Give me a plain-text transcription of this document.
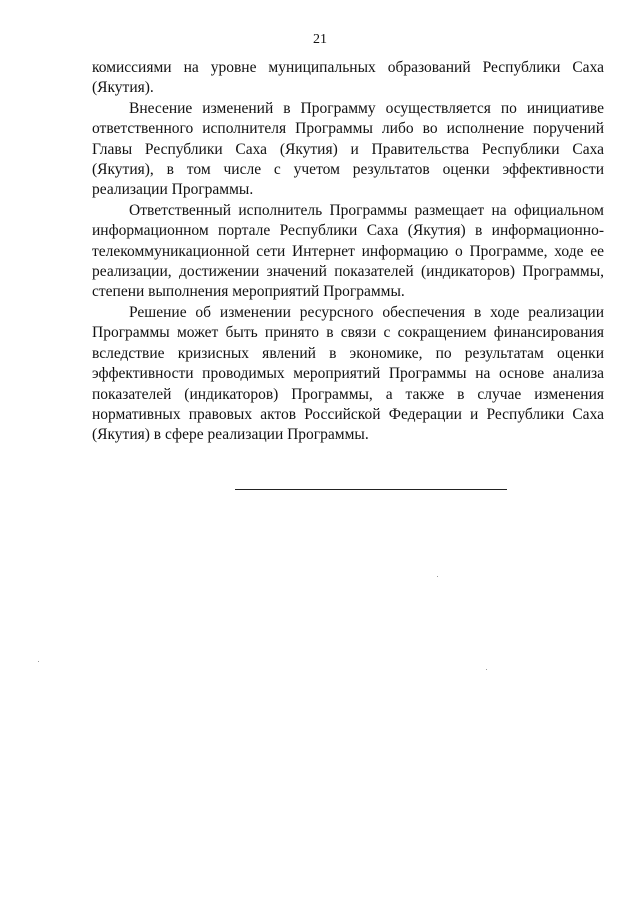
21

комиссиями на уровне муниципальных образований Республики Саха (Якутия).

Внесение изменений в Программу осуществляется по инициативе ответственного исполнителя Программы либо во исполнение поручений Главы Республики Саха (Якутия) и Правительства Республики Саха (Якутия), в том числе с учетом результатов оценки эффективности реализации Программы.

Ответственный исполнитель Программы размещает на официальном информационном портале Республики Саха (Якутия) в информационно-телекоммуникационной сети Интернет информацию о Программе, ходе ее реализации, достижении значений показателей (индикаторов) Программы, степени выполнения мероприятий Программы.

Решение об изменении ресурсного обеспечения в ходе реализации Программы может быть принято в связи с сокращением финансирования вследствие кризисных явлений в экономике, по результатам оценки эффективности проводимых мероприятий Программы на основе анализа показателей (индикаторов) Программы, а также в случае изменения нормативных правовых актов Российской Федерации и Республики Саха (Якутия) в сфере реализации Программы.
